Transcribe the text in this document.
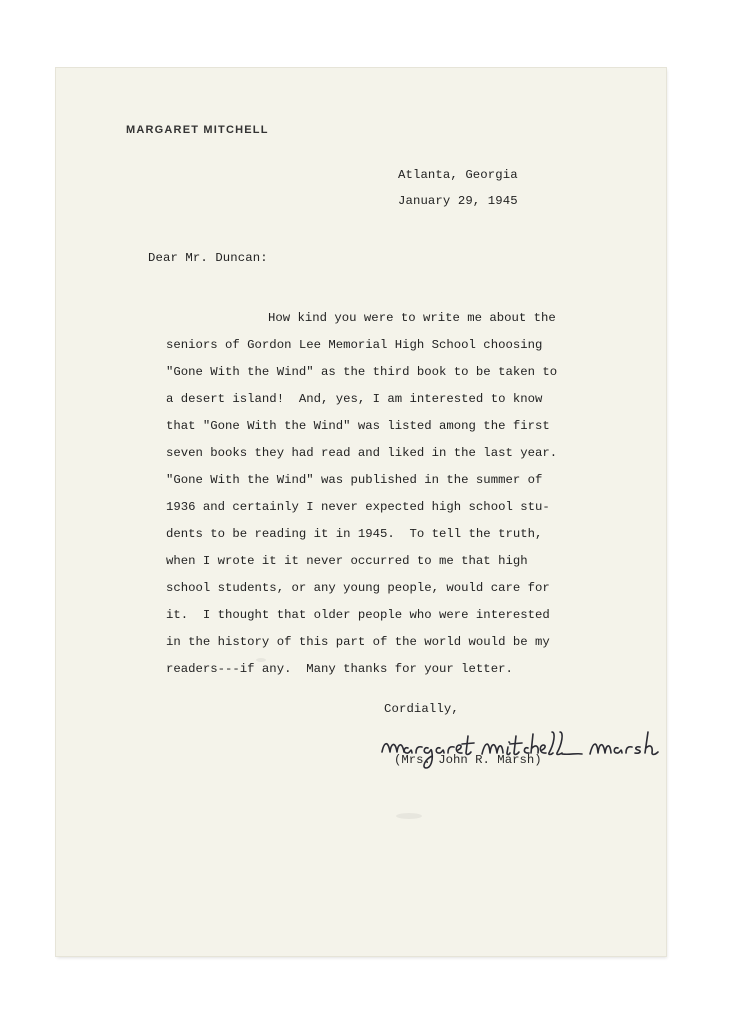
MARGARET MITCHELL
Atlanta, Georgia
January 29, 1945
Dear Mr. Duncan:
How kind you were to write me about the
seniors of Gordon Lee Memorial High School choosing
"Gone With the Wind" as the third book to be taken to
a desert island!  And, yes, I am interested to know
that "Gone With the Wind" was listed among the first
seven books they had read and liked in the last year.
"Gone With the Wind" was published in the summer of
1936 and certainly I never expected high school stu-
dents to be reading it in 1945.  To tell the truth,
when I wrote it it never occurred to me that high
school students, or any young people, would care for
it.  I thought that older people who were interested
in the history of this part of the world would be my
readers---if any.  Many thanks for your letter.
Cordially,
(Mrs. John R. Marsh)
